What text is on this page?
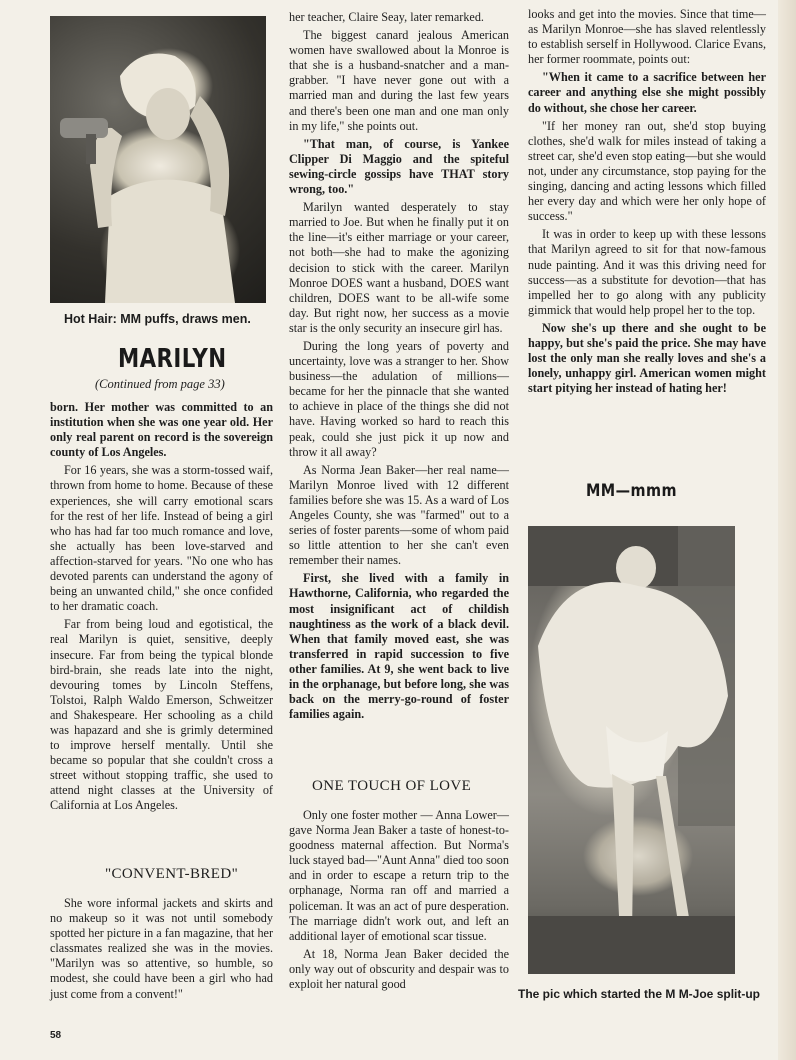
Hot Hair: MM puffs, draws men.
MARILYN
(Continued from page 33)

born. Her mother was committed to an institution when she was one year old. Her only real parent on record is the sovereign county of Los Angeles.

For 16 years, she was a storm-tossed waif, thrown from home to home. Because of these experiences, she will carry emotional scars for the rest of her life. Instead of being a girl who has had far too much romance and love, she actually has been love-starved and affection-starved for years. "No one who has devoted parents can understand the agony of being an unwanted child," she once confided to her dramatic coach.

Far from being loud and egotistical, the real Marilyn is quiet, sensitive, deeply insecure. Far from being the typical blonde bird-brain, she reads late into the night, devouring tomes by Lincoln Steffens, Tolstoi, Ralph Waldo Emerson, Schweitzer and Shakespeare. Her schooling as a child was hapazard and she is grimly determined to improve herself mentally. Until she became so popular that she couldn't cross a street without stopping traffic, she used to attend night classes at the University of California at Los Angeles.

"CONVENT-BRED"

She wore informal jackets and skirts and no makeup so it was not until somebody spotted her picture in a fan magazine, that her classmates realized she was in the movies. "Marilyn was so attentive, so humble, so modest, she could have been a girl who had just come from a convent!"

her teacher, Claire Seay, later remarked.

The biggest canard jealous American women have swallowed about la Monroe is that she is a husband-snatcher and a man-grabber. "I have never gone out with a married man and during the last few years and there's been one man and one man only in my life," she points out.

"That man, of course, is Yankee Clipper Di Maggio and the spiteful sewing-circle gossips have THAT story wrong, too."

Marilyn wanted desperately to stay married to Joe. But when he finally put it on the line—it's either marriage or your career, not both—she had to make the agonizing decision to stick with the career. Marilyn Monroe DOES want a husband, DOES want children, DOES want to be all-wife some day. But right now, her success as a movie star is the only security an insecure girl has.

During the long years of poverty and uncertainty, love was a stranger to her. Show business—the adulation of millions—became for her the pinnacle that she wanted to achieve in place of the things she did not have. Having worked so hard to reach this peak, could she just pick it up now and throw it all away?

As Norma Jean Baker—her real name—Marilyn Monroe lived with 12 different families before she was 15. As a ward of Los Angeles County, she was "farmed" out to a series of foster parents—some of whom paid so little attention to her she can't even remember their names.

First, she lived with a family in Hawthorne, California, who regarded the most insignificant act of childish naughtiness as the work of a black devil. When that family moved east, she was transferred in rapid succession to five other families. At 9, she went back to live in the orphanage, but before long, she was back on the merry-go-round of foster families again.

ONE TOUCH OF LOVE

Only one foster mother — Anna Lower—gave Norma Jean Baker a taste of honest-to-goodness maternal affection. But Norma's luck stayed bad—"Aunt Anna" died too soon and in order to escape a return trip to the orphanage, Norma ran off and married a policeman. It was an act of pure desperation. The marriage didn't work out, and left an additional layer of emotional scar tissue.

At 18, Norma Jean Baker decided the only way out of obscurity and despair was to exploit her natural good

looks and get into the movies. Since that time—as Marilyn Monroe—she has slaved relentlessly to establish serself in Hollywood. Clarice Evans, her former roommate, points out:

"When it came to a sacrifice between her career and anything else she might possibly do without, she chose her career.

"If her money ran out, she'd stop buying clothes, she'd walk for miles instead of taking a street car, she'd even stop eating—but she would not, under any circumstance, stop paying for the singing, dancing and acting lessons which filled her every day and which were her only hope of success."

It was in order to keep up with these lessons that Marilyn agreed to sit for that now-famous nude painting. And it was this driving need for success—as a substitute for devotion—that has impelled her to go along with any publicity gimmick that would help propel her to the top.

Now she's up there and she ought to be happy, but she's paid the price. She may have lost the only man she really loves and she's a lonely, unhappy girl. American women might start pitying her instead of hating her!

MM—mmm
The pic which started the M M-Joe split-up
58
